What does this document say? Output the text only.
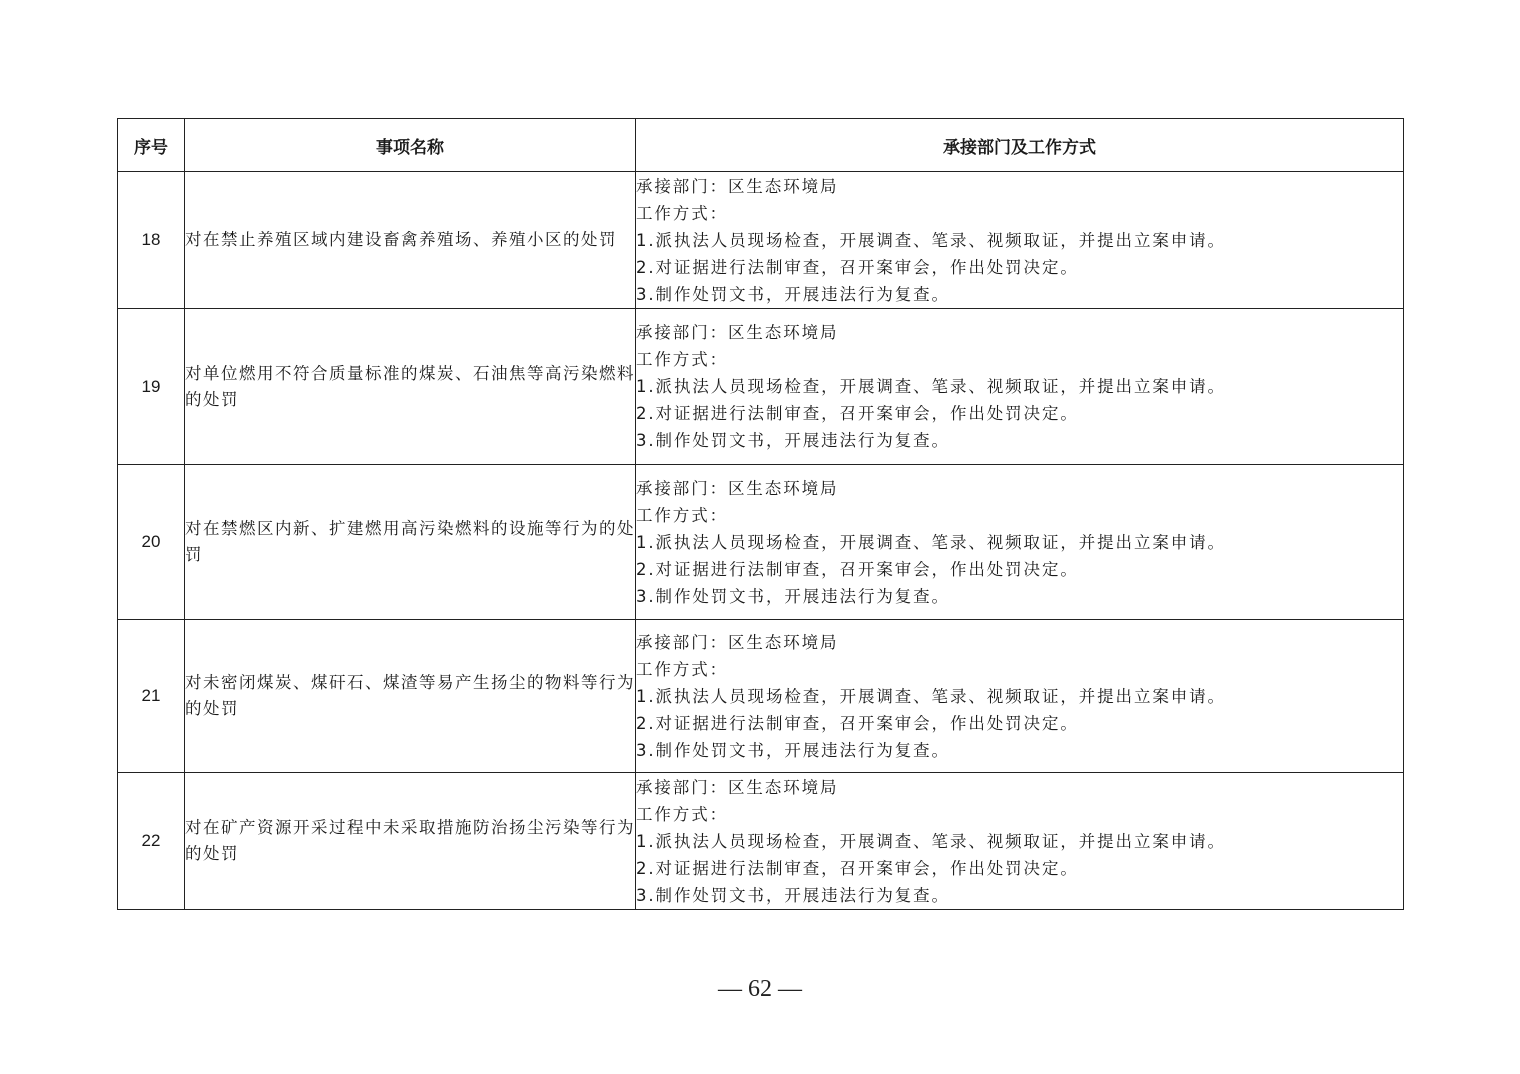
序号	事项名称	承接部门及工作方式
18	对在禁止养殖区域内建设畜禽养殖场、养殖小区的处罚	承接部门：区生态环境局
工作方式：
1.派执法人员现场检查，开展调查、笔录、视频取证，并提出立案申请。
2.对证据进行法制审查，召开案审会，作出处罚决定。
3.制作处罚文书，开展违法行为复查。

19	对单位燃用不符合质量标准的煤炭、石油焦等高污染燃料的处罚	承接部门：区生态环境局
工作方式：
1.派执法人员现场检查，开展调查、笔录、视频取证，并提出立案申请。
2.对证据进行法制审查，召开案审会，作出处罚决定。
3.制作处罚文书，开展违法行为复查。

20	对在禁燃区内新、扩建燃用高污染燃料的设施等行为的处罚	承接部门：区生态环境局
工作方式：
1.派执法人员现场检查，开展调查、笔录、视频取证，并提出立案申请。
2.对证据进行法制审查，召开案审会，作出处罚决定。
3.制作处罚文书，开展违法行为复查。

21	对未密闭煤炭、煤矸石、煤渣等易产生扬尘的物料等行为的处罚	承接部门：区生态环境局
工作方式：
1.派执法人员现场检查，开展调查、笔录、视频取证，并提出立案申请。
2.对证据进行法制审查，召开案审会，作出处罚决定。
3.制作处罚文书，开展违法行为复查。

22	对在矿产资源开采过程中未采取措施防治扬尘污染等行为的处罚	承接部门：区生态环境局
工作方式：
1.派执法人员现场检查，开展调查、笔录、视频取证，并提出立案申请。
2.对证据进行法制审查，召开案审会，作出处罚决定。
3.制作处罚文书，开展违法行为复查。
— 62 —
